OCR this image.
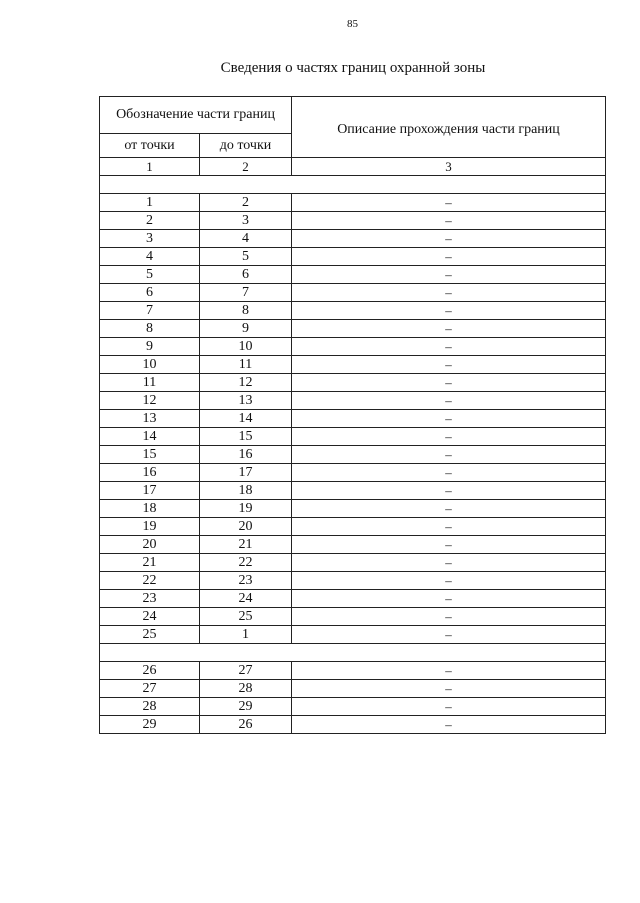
85
Сведения о частях границ охранной зоны
Обозначение части границ		Описание прохождения части границ
от точки	до точки	
1	2	3

1	2	–
2	3	–
3	4	–
4	5	–
5	6	–
6	7	–
7	8	–
8	9	–
9	10	–
10	11	–
11	12	–
12	13	–
13	14	–
14	15	–
15	16	–
16	17	–
17	18	–
18	19	–
19	20	–
20	21	–
21	22	–
22	23	–
23	24	–
24	25	–
25	1	–

26	27	–
27	28	–
28	29	–
29	26	–
